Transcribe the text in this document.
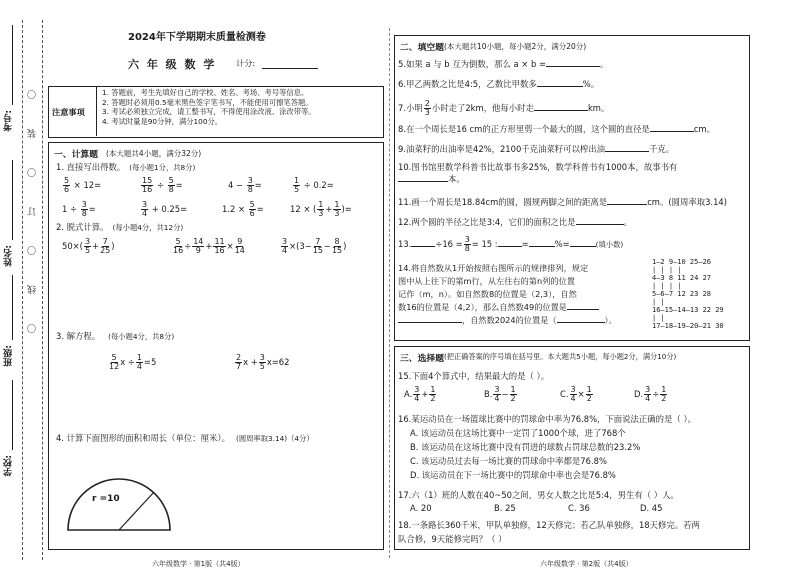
学校:
班级:
姓名:
考号: 〇线〇订〇装〇
2024年下学期期末质量检测卷
六 年 级 数 学 计分:
注意事项
1. 答题前，考生先填好自己的学校、姓名、考场、考号等信息。
2. 答题时必须用0.5毫米黑色签字笔书写，不能使用可擦笔答题。
3. 考试必须独立完成，请工整书写，不得使用涂改液、涂改带等。
4. 考试时量是90分钟，满分100分。
一、计算题 (本大题共4小题，满分32分)
1. 直接写出得数。 (每小题1分，共8分)
$\frac{5}{6} \times 12=$	$\frac{15}{16} \div \frac{5}{8}$ =	$4 - \frac{3}{8}$ =	$\frac{1}{5} \div 0.2=$
$1 \div \frac{3}{8}$ =	$\frac{3}{4} + 0.25=$	$1.2 \times \frac{5}{6}$ =	12 × ( $\frac{1}{3} + \frac{1}{3}$ )=
2. 脱式计算。 (每小题4分，共12分)
$50\times( \frac{3}{5} + \frac{7}{25}$ )	$\frac{5}{16} \div \frac{14}{9} + \frac{11}{16} \times \frac{9}{14}$	$\frac{3}{4} \times(3- \frac{7}{15} - \frac{8}{15}$ )
3. 解方程。 (每小题4分，共8分)
$\frac{5}{12}$ $x \div \frac{1}{4} =5$	$\frac{2}{7}$ $x + \frac{3}{5} x=62$
4. 计算下面图形的面积和周长（单位：厘米）。 (圆周率取3.14)（4分）
r =10
六年级数学 · 第1版（共4版）
二、填空题 (本大题共10小题，每小题2分，满分20分)
5.如果 a 与 b 互为倒数，那么 a × b =	。
6.甲乙两数之比是4:5，乙数比甲数多	%。
7.小明 $\frac{2}{3}$ 小时走了2km，他每小时走	km。
8.在一个周长是16 cm的正方形里剪一个最大的圆，这个圆的直径是	cm。
9.油菜籽的出油率是42%，2100千克油菜籽可以榨出油	千克。
10.图书馆里数学科普书比故事书多25%，数学科普书有1000本，故事书有
本。
11.画一个周长是18.84cm的圆，圆规两脚之间的距离是	cm。(圆周率取3.14)
12.两个圆的半径之比是3:4，它们的面积之比是	。
13.	$\div 16 = \frac{3}{8} = 15$ :	=	%=	(填小数)
14.将自然数从1开始按照右图所示的规律排列，规定
图中从上往下的第m行，从左往右的第n列的位置
记作（m，n）。如自然数8的位置是（2,3），自然
数16的位置是（4,2），那么自然数49的位置是
，自然数2024的位置是（	）。
1—2 9—10 25—26
| | | |
4—3 8 11 24 27
| | | |
5—6—7 12 23 28
| |
16—15—14—13 22 29
| |
17—18—19—20—21 30
三、选择题 (把正确答案的序号填在括号里。本大题共5小题，每小题2分，满分10分)
15.下面4个算式中，结果最大的是（ ）。
A. $\frac{3}{4} + \frac{1}{2}$	B. $\frac{3}{4} - \frac{1}{2}$	C. $\frac{3}{4} \times \frac{1}{2}$	D. $\frac{3}{4} \div \frac{1}{2}$
16.某运动员在一场篮球比赛中的罚球命中率为76.8%，下面说法正确的是（ ）。
A. 该运动员在这场比赛中一定罚了1000个球，进了768个
B. 该运动员在这场比赛中没有罚进的球数占罚球总数的23.2%
C. 该运动员过去每一场比赛的罚球命中率都是76.8%
D. 该运动员在下一场比赛中的罚球命中率也会是76.8%
17.六（1）班的人数在40~50之间，男女人数之比是5:4，男生有（ ）人。
A. 20	B. 25	C. 36	D. 45
18.一条路长360千米，甲队单独修，12天修完；若乙队单独修，18天修完。若两
队合修，9天能修完吗？（ ）
六年级数学 · 第2版（共4版）
